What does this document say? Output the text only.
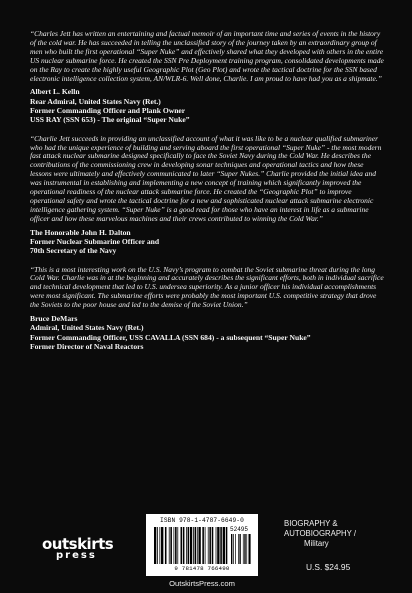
“Charles Jett has written an entertaining and factual memoir of an important time and series of events in the history of the cold war. He has succeeded in telling the unclassified story of the journey taken by an extraordinary group of men who built the first operational “Super Nuke” and effectively shared what they developed with others in the entire US nuclear submarine force. He created the SSN Pre Deployment training program, consolidated developments made on the Ray to create the highly useful Geographic Plot (Geo Plot) and wrote the tactical doctrine for the SSN based electronic intelligence collection system, AN/WLR-6. Well done, Charlie. I am proud to have had you as a shipmate.”

Albert L. Kelln
Rear Admiral, United States Navy (Ret.)
Former Commanding Officer and Plank Owner
USS RAY (SSN 653) - The original “Super Nuke”

“Charlie Jett succeeds in providing an unclassified account of what it was like to be a nuclear qualified submariner who had the unique experience of building and serving aboard the first operational “Super Nuke” - the most modern fast attack nuclear submarine designed specifically to face the Soviet Navy during the Cold War. He describes the contributions of the commissioning crew in developing sonar techniques and operational tactics and how these lessons were ultimately and effectively communicated to later “Super Nukes.” Charlie provided the initial idea and was instrumental in establishing and implementing a new concept of training which significantly improved the operational readiness of the nuclear attack submarine force. He created the “Geographic Plot” to improve operational safety and wrote the tactical doctrine for a new and sophisticated nuclear attack submarine electronic intelligence gathering system. “Super Nuke” is a good read for those who have an interest in life as a submarine officer and how these marvelous machines and their crews contributed to winning the Cold War.”

The Honorable John H. Dalton
Former Nuclear Submarine Officer and
70th Secretary of the Navy

“This is a most interesting work on the U.S. Navy’s program to combat the Soviet submarine threat during the long Cold War. Charlie was in at the beginning and accurately describes the significant efforts, both in individual sacrifice and technical development that led to U.S. undersea superiority. As a junior officer his individual accomplishments were most significant. The submarine efforts were probably the most important U.S. competitive strategy that drove the Soviets to the poor house and led to the demise of the Soviet Union.”

Bruce DeMars
Admiral, United States Navy (Ret.)
Former Commanding Officer, USS CAVALLA (SSN 684) - a subsequent “Super Nuke”
Former Director of Naval Reactors
outskirts
press
ISBN 978-1-4787-6649-0
52495
9 781478 766490
OutskirtsPress.com
BIOGRAPHY &
AUTOBIOGRAPHY /
Military
U.S. $24.95
